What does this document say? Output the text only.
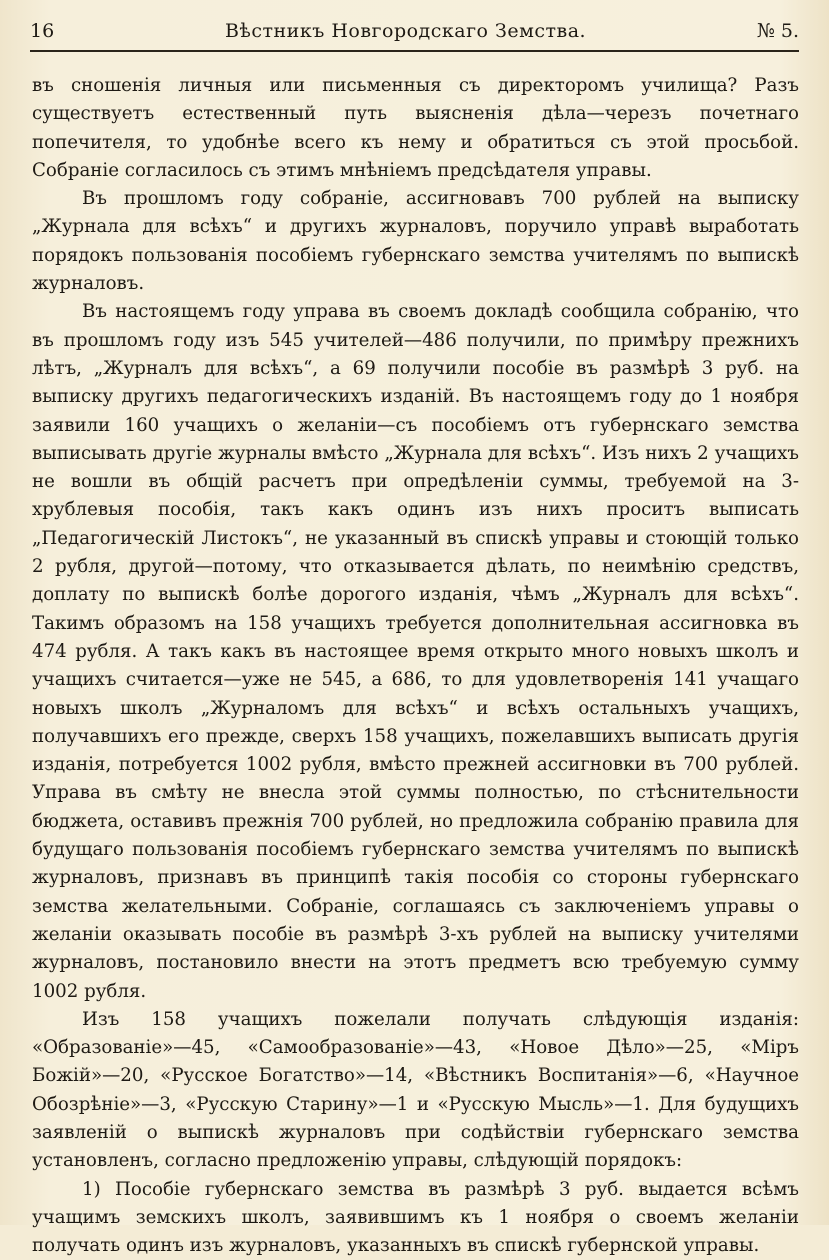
16	Вѣстникъ Новгородскаго Земства.	№ 5.

въ сношенія личныя или письменныя съ директоромъ училища? Разъ существуетъ естественный путь выясненія дѣла—черезъ почетнаго попечителя, то удобнѣе всего къ нему и обратиться съ этой просьбой. Собраніе согласилось съ этимъ мнѣніемъ предсѣдателя управы.

Въ прошломъ году собраніе, ассигновавъ 700 рублей на выписку „Журнала для всѣхъ“ и другихъ журналовъ, поручило управѣ выработать порядокъ пользованія пособіемъ губернскаго земства учителямъ по выпискѣ журналовъ.

Въ настоящемъ году управа въ своемъ докладѣ сообщила собранію, что въ прошломъ году изъ 545 учителей—486 получили, по примѣру прежнихъ лѣтъ, „Журналъ для всѣхъ“, а 69 получили пособіе въ размѣрѣ 3 руб. на выписку другихъ педагогическихъ изданій. Въ настоящемъ году до 1 ноября заявили 160 учащихъ о желаніи—съ пособіемъ отъ губернскаго земства выписывать другіе журналы вмѣсто „Журнала для всѣхъ“. Изъ нихъ 2 учащихъ не вошли въ общій расчетъ при опредѣленіи суммы, требуемой на 3-хрублевыя пособія, такъ какъ одинъ изъ нихъ проситъ выписать „Педагогическій Листокъ“, не указанный въ спискѣ управы и стоющій только 2 рубля, другой—потому, что отказывается дѣлать, по неимѣнію средствъ, доплату по выпискѣ болѣе дорогого изданія, чѣмъ „Журналъ для всѣхъ“. Такимъ образомъ на 158 учащихъ требуется дополнительная ассигновка въ 474 рубля. А такъ какъ въ настоящее время открыто много новыхъ школъ и учащихъ считается—уже не 545, а 686, то для удовлетворенія 141 учащаго новыхъ школъ „Журналомъ для всѣхъ“ и всѣхъ остальныхъ учащихъ, получавшихъ его прежде, сверхъ 158 учащихъ, пожелавшихъ выписать другія изданія, потребуется 1002 рубля, вмѣсто прежней ассигновки въ 700 рублей. Управа въ смѣту не внесла этой суммы полностью, по стѣснительности бюджета, оставивъ прежнія 700 рублей, но предложила собранію правила для будущаго пользованія пособіемъ губернскаго земства учителямъ по выпискѣ журналовъ, признавъ въ принципѣ такія пособія со стороны губернскаго земства желательными. Собраніе, соглашаясь съ заключеніемъ управы о желаніи оказывать пособіе въ размѣрѣ 3-хъ рублей на выписку учителями журналовъ, постановило внести на этотъ предметъ всю требуемую сумму 1002 рубля.

Изъ 158 учащихъ пожелали получать слѣдующія изданія: «Образованіе»—45, «Самообразованіе»—43, «Новое Дѣло»—25, «Міръ Божій»—20, «Русское Богатство»—14, «Вѣстникъ Воспитанія»—6, «Научное Обозрѣніе»—3, «Русскую Старину»—1 и «Русскую Мысль»—1. Для будущихъ заявленій о выпискѣ журналовъ при содѣйствіи губернскаго земства установленъ, согласно предложенію управы, слѣдующій порядокъ:

1) Пособіе губернскаго земства въ размѣрѣ 3 руб. выдается всѣмъ учащимъ земскихъ школъ, заявившимъ къ 1 ноября о своемъ желаніи получать одинъ изъ журналовъ, указанныхъ въ спискѣ губернской управы.
